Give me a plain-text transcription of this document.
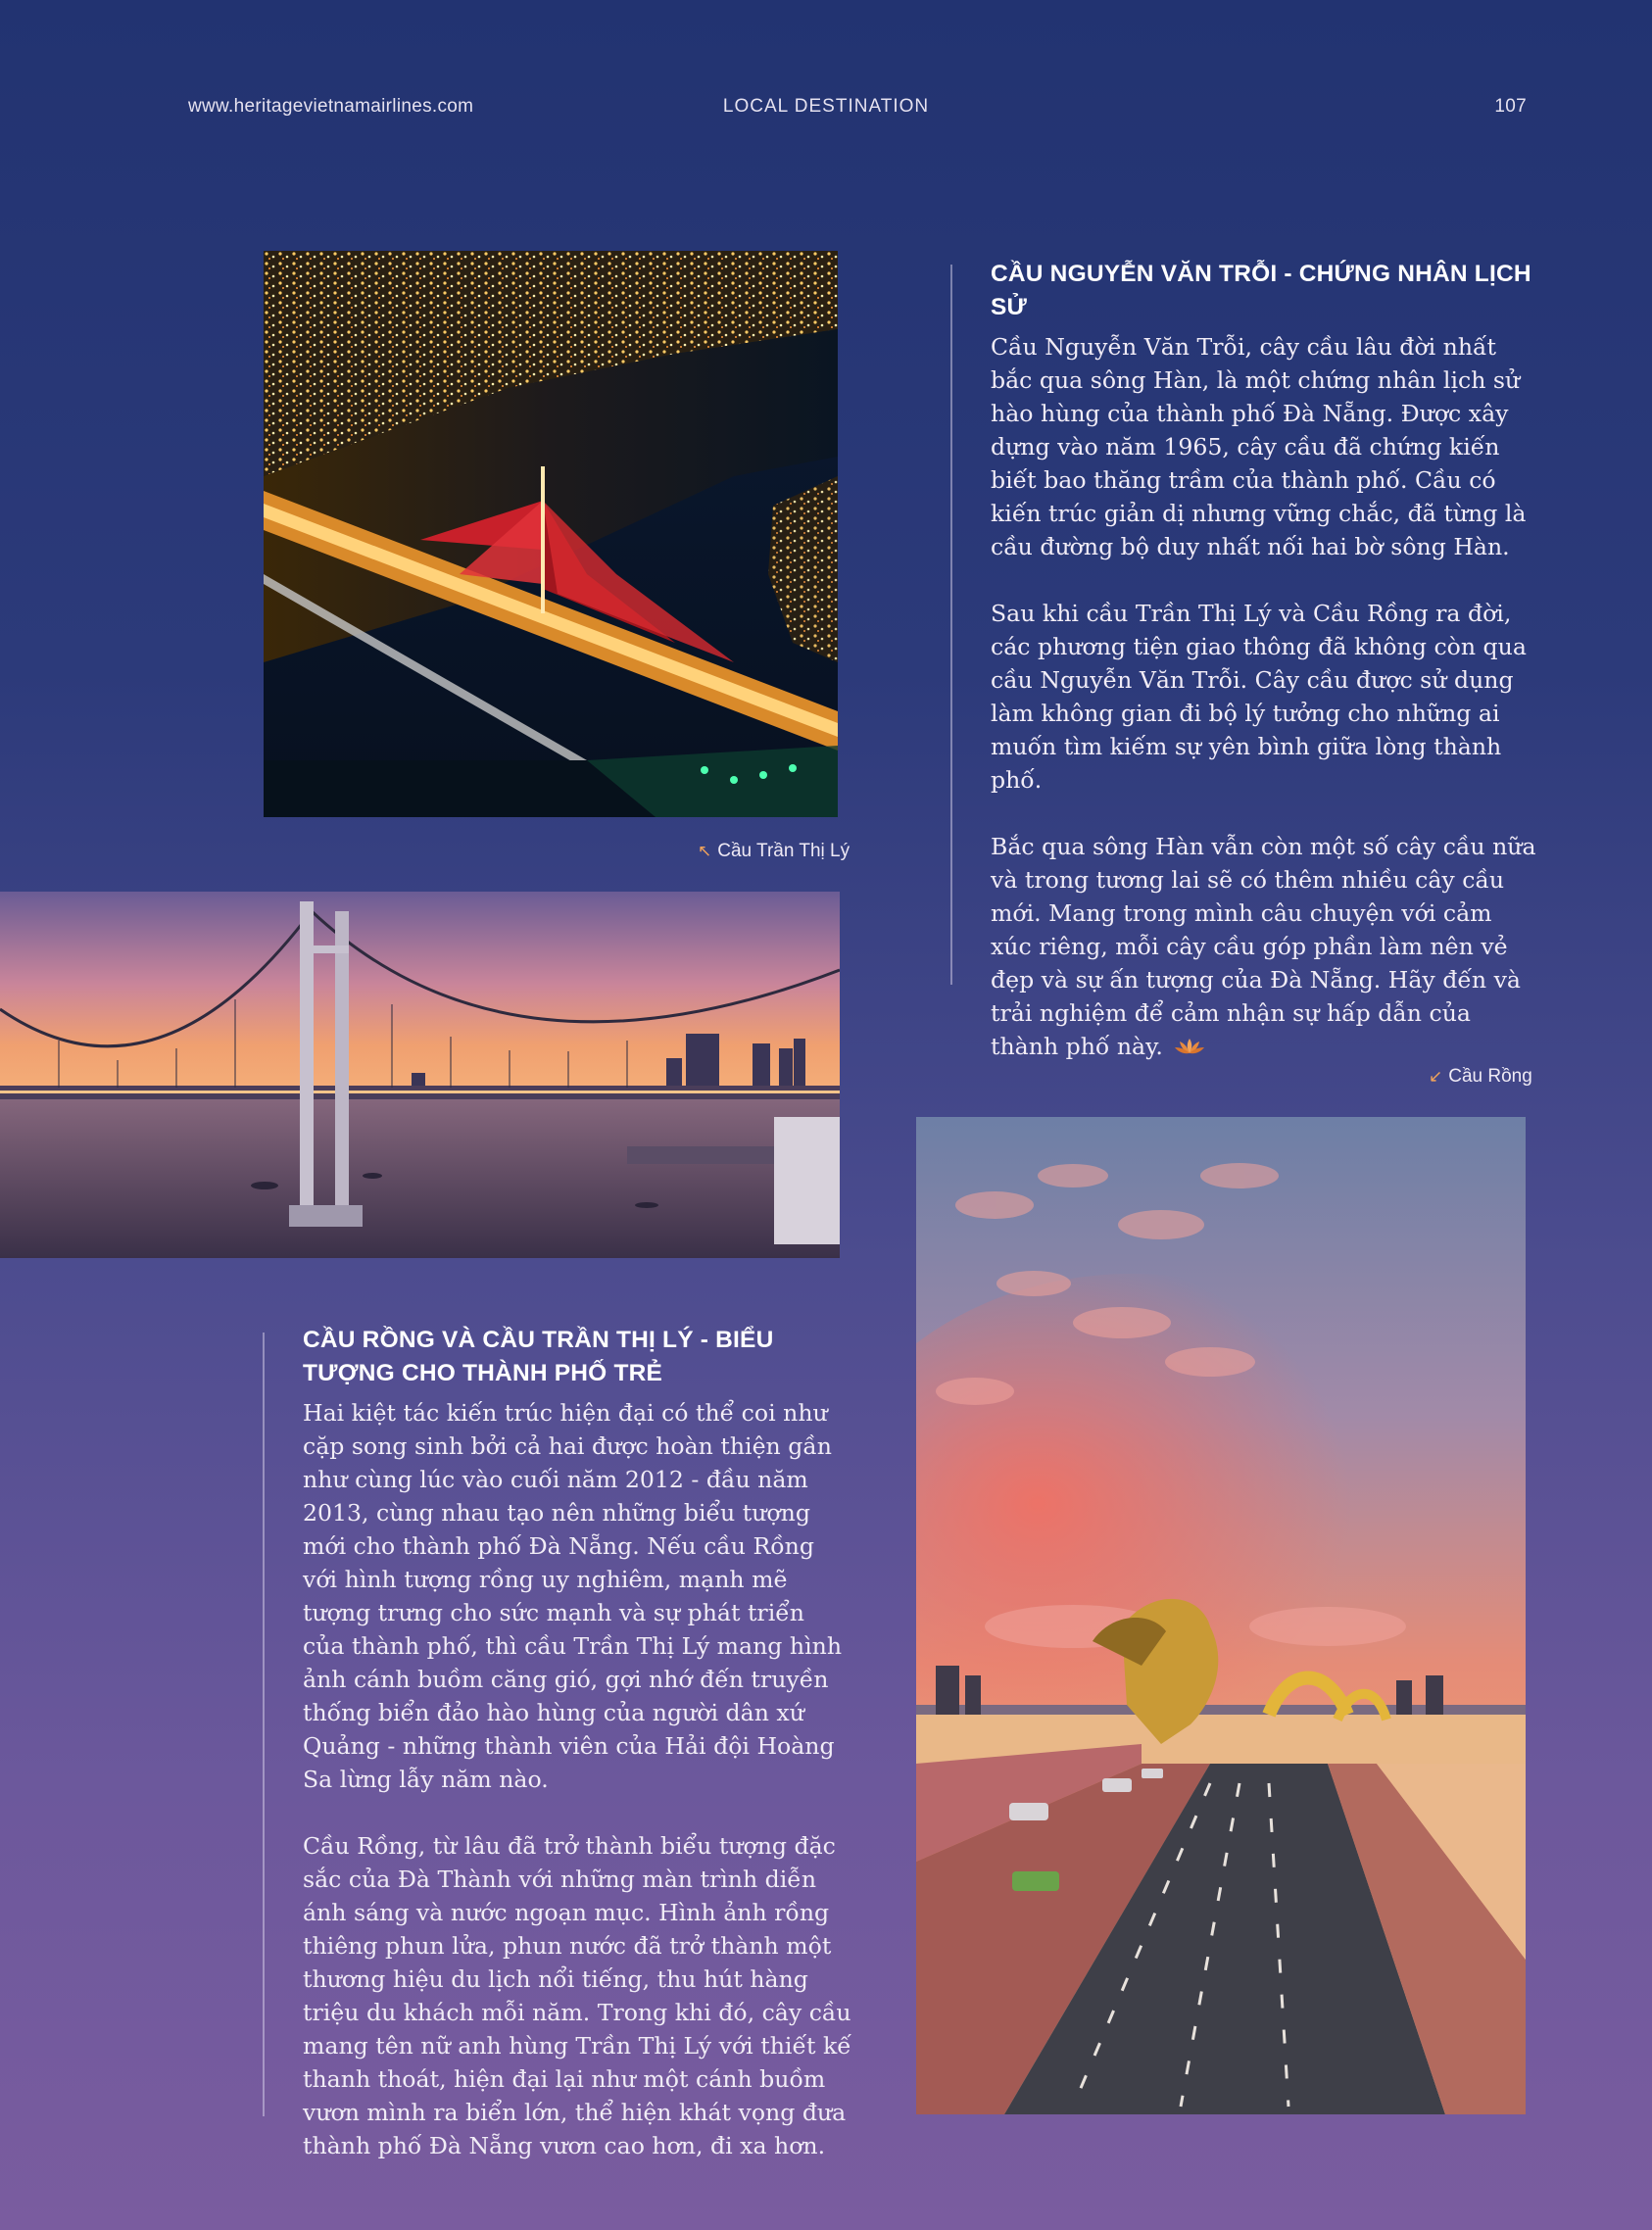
www.heritagevietnamairlines.com	LOCAL DESTINATION	107
↖ Cầu Trần Thị Lý
CẦU NGUYỄN VĂN TRỖI - CHỨNG NHÂN LỊCH SỬ

Cầu Nguyễn Văn Trỗi, cây cầu lâu đời nhất bắc qua sông Hàn, là một chứng nhân lịch sử hào hùng của thành phố Đà Nẵng. Được xây dựng vào năm 1965, cây cầu đã chứng kiến biết bao thăng trầm của thành phố. Cầu có kiến trúc giản dị nhưng vững chắc, đã từng là cầu đường bộ duy nhất nối hai bờ sông Hàn.

Sau khi cầu Trần Thị Lý và Cầu Rồng ra đời, các phương tiện giao thông đã không còn qua cầu Nguyễn Văn Trỗi. Cây cầu được sử dụng làm không gian đi bộ lý tưởng cho những ai muốn tìm kiếm sự yên bình giữa lòng thành phố.

Bắc qua sông Hàn vẫn còn một số cây cầu nữa và trong tương lai sẽ có thêm nhiều cây cầu mới. Mang trong mình câu chuyện với cảm xúc riêng, mỗi cây cầu góp phần làm nên vẻ đẹp và sự ấn tượng của Đà Nẵng. Hãy đến và trải nghiệm để cảm nhận sự hấp dẫn của thành phố này.

↙ Cầu Rồng
CẦU RỒNG VÀ CẦU TRẦN THỊ LÝ - BIỂU TƯỢNG CHO THÀNH PHỐ TRẺ

Hai kiệt tác kiến trúc hiện đại có thể coi như cặp song sinh bởi cả hai được hoàn thiện gần như cùng lúc vào cuối năm 2012 - đầu năm 2013, cùng nhau tạo nên những biểu tượng mới cho thành phố Đà Nẵng. Nếu cầu Rồng với hình tượng rồng uy nghiêm, mạnh mẽ tượng trưng cho sức mạnh và sự phát triển của thành phố, thì cầu Trần Thị Lý mang hình ảnh cánh buồm căng gió, gợi nhớ đến truyền thống biển đảo hào hùng của người dân xứ Quảng - những thành viên của Hải đội Hoàng Sa lừng lẫy năm nào.

Cầu Rồng, từ lâu đã trở thành biểu tượng đặc sắc của Đà Thành với những màn trình diễn ánh sáng và nước ngoạn mục. Hình ảnh rồng thiêng phun lửa, phun nước đã trở thành một thương hiệu du lịch nổi tiếng, thu hút hàng triệu du khách mỗi năm. Trong khi đó, cây cầu mang tên nữ anh hùng Trần Thị Lý với thiết kế thanh thoát, hiện đại lại như một cánh buồm vươn mình ra biển lớn, thể hiện khát vọng đưa thành phố Đà Nẵng vươn cao hơn, đi xa hơn.
